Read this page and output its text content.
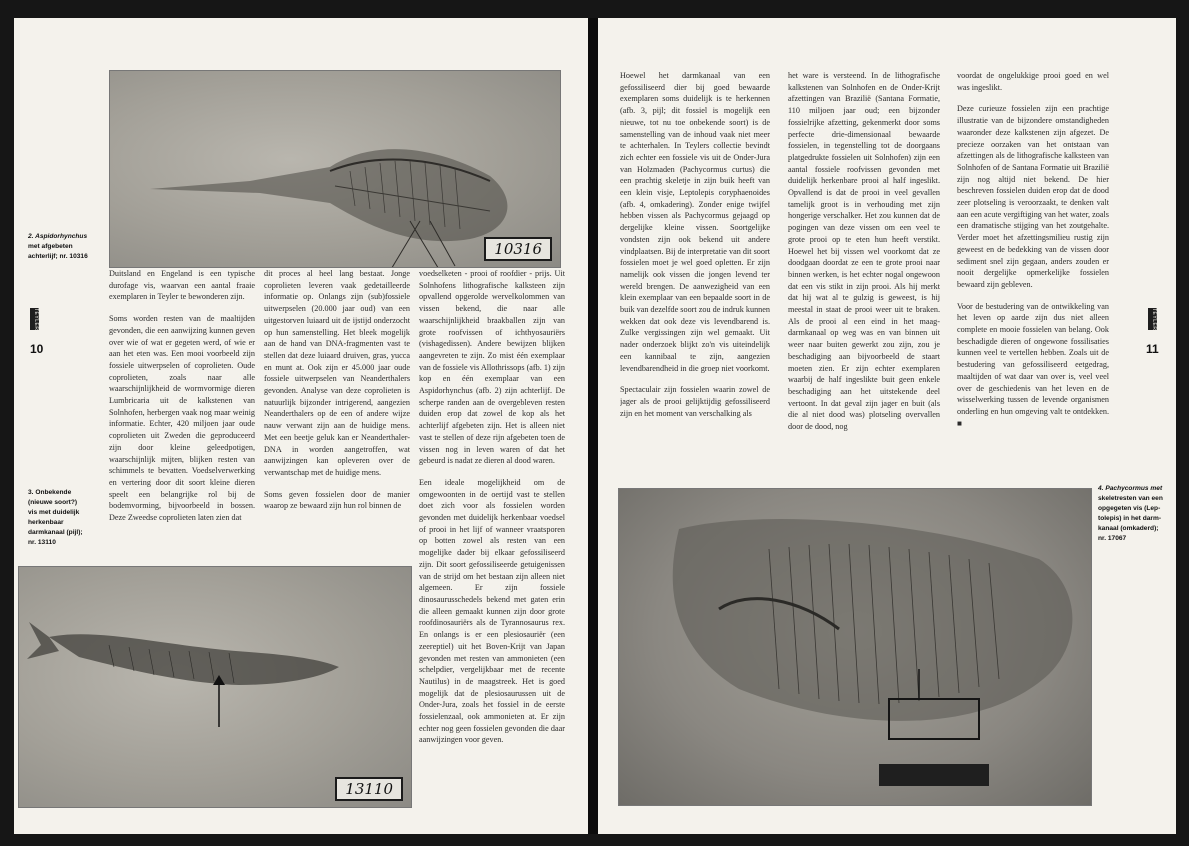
10316
2. Aspidorhynchus
met afgebeten
achterlijf; nr. 10316
TEYLERS
10
3. Onbekende
(nieuwe soort?)
vis met duidelijk
herkenbaar
darmkanaal (pijl);
nr. 13110

Duitsland en Engeland is een typische durofage vis, waarvan een aantal fraaie exemplaren in Teyler te bewonderen zijn.

Soms worden resten van de maaltijden gevonden, die een aanwijzing kunnen geven over wie of wat er gegeten werd, of wie er aan het eten was. Een mooi voorbeeld zijn fossiele uitwerpselen of coprolieten. Oude coprolieten, zoals naar alle waarschijnlijkheid de wormvormige dieren Lumbricaria uit de kalkstenen van Solnhofen, herbergen vaak nog maar weinig informatie. Echter, 420 miljoen jaar oude coprolieten uit Zweden die geproduceerd zijn door kleine geleedpotigen, waarschijnlijk mijten, blijken resten van schimmels te bevatten. Voedselverwerking en vertering door dit soort kleine dieren speelt een belangrijke rol bij de bodemvorming, bijvoorbeeld in bossen. Deze Zweedse coprolieten laten zien dat

dit proces al heel lang bestaat. Jonge coprolieten leveren vaak gedetailleerde informatie op. Onlangs zijn (sub)fossiele uitwerpselen (20.000 jaar oud) van een uitgestorven luiaard uit de ijstijd onderzocht op hun samenstelling. Het bleek mogelijk aan de hand van DNA-fragmenten vast te stellen dat deze luiaard druiven, gras, yucca en munt at. Ook zijn er 45.000 jaar oude fossiele uitwerpselen van Neanderthalers gevonden. Analyse van deze coprolieten is natuurlijk bijzonder intrigerend, aangezien Neanderthalers op de een of andere wijze nauw verwant zijn aan de huidige mens. Met een beetje geluk kan er Neanderthaler-DNA in worden aangetroffen, wat aanwijzingen kan opleveren over de verwantschap met de huidige mens.

Soms geven fossielen door de manier waarop ze bewaard zijn hun rol binnen de

voedselketen - prooi of roofdier - prijs. Uit Solnhofens lithografische kalksteen zijn opvallend opgerolde wervelkolommen van vissen bekend, die naar alle waarschijnlijkheid braakballen zijn van grote roofvissen of ichthyosauriërs (vishagedissen). Andere bewijzen blijken aangevreten te zijn. Zo mist één exemplaar van de fossiele vis Allothrissops (afb. 1) zijn kop en één exemplaar van een Aspidorhynchus (afb. 2) zijn achterlijf. De scherpe randen aan de overgebleven resten duiden erop dat zowel de kop als het achterlijf afgebeten zijn. Het is alleen niet vast te stellen of deze rijn afgebeten toen de vissen nog in leven waren of dat het gebeurd is nadat ze dieren al dood waren.

Een ideale mogelijkheid om de omgewoonten in de oertijd vast te stellen doet zich voor als fossielen worden gevonden met duidelijk herkenbaar voedsel of prooi in het lijf of wanneer vraatsporen op botten zowel als resten van een mogelijke dader bij elkaar gefossiliseerd zijn. Dit soort gefossiliseerde getuigenissen van de strijd om het bestaan zijn alleen niet algemeen. Er zijn fossiele dinosaurusschedels bekend met gaten erin die alleen gemaakt kunnen zijn door grote roofdinosauriërs als de Tyrannosaurus rex. En onlangs is er een plesiosauriër (een zeereptiel) uit het Boven-Krijt van Japan gevonden met resten van ammonieten (een schelpdier, vergelijkbaar met de recente Nautilus) in de maagstreek. Het is goed mogelijk dat de plesiosaurussen uit de Onder-Jura, zoals het fossiel in de eerste fossielenzaal, ook ammonieten at. Er zijn echter nog geen fossielen gevonden die daar aanwijzingen voor geven.

13110

Hoewel het darmkanaal van een gefossiliseerd dier bij goed bewaarde exemplaren soms duidelijk is te herkennen (afb. 3, pijl; dit fossiel is mogelijk een nieuwe, tot nu toe onbekende soort) is de samenstelling van de inhoud vaak niet meer te achterhalen. In Teylers collectie bevindt zich echter een fossiele vis uit de Onder-Jura van Holzmaden (Pachycormus curtus) die een prachtig skeletje in zijn buik heeft van een klein visje, Leptolepis coryphaenoides (afb. 4, omkadering). Zonder enige twijfel hebben vissen als Pachycormus gejaagd op dergelijke kleine vissen. Soortgelijke vondsten zijn ook bekend uit andere vindplaatsen. Bij de interpretatie van dit soort fossielen moet je wel goed opletten. Er zijn namelijk ook vissen die jongen levend ter wereld brengen. De aanwezigheid van een klein exemplaar van een bepaalde soort in de buik van dezelfde soort zou de indruk kunnen wekken dat ook deze vis levendbarend is. Zulke vergissingen zijn wel gemaakt. Uit nader onderzoek blijkt zo'n vis uiteindelijk een kannibaal te zijn, aangezien levendbarendheid in die groep niet voorkomt.

Spectaculair zijn fossielen waarin zowel de jager als de prooi gelijktijdig gefossiliseerd zijn en het moment van verschalking als

het ware is versteend. In de lithografische kalkstenen van Solnhofen en de Onder-Krijt afzettingen van Brazilië (Santana Formatie, 110 miljoen jaar oud; een bijzonder fossielrijke afzetting, gekenmerkt door soms perfecte drie-dimensionaal bewaarde fossielen, in tegenstelling tot de doorgaans platgedrukte fossielen uit Solnhofen) zijn een aantal fossiele roofvissen gevonden met duidelijk herkenbare prooi al half ingeslikt. Opvallend is dat de prooi in veel gevallen tamelijk groot is in verhouding met zijn hongerige verschalker. Het zou kunnen dat de pogingen van deze vissen om een veel te grote prooi op te eten hun heeft verstikt. Hoewel het bij vissen wel voorkomt dat ze doodgaan doordat ze een te grote prooi naar binnen werken, is het echter nogal ongewoon dat een vis stikt in zijn prooi. Als hij merkt dat hij wat al te gulzig is geweest, is hij meestal in staat de prooi weer uit te braken. Als de prooi al een eind in het maag-darmkanaal op weg was en van binnen uit weer naar buiten gewerkt zou zijn, zou je beschadiging aan bijvoorbeeld de staart moeten zien. Er zijn echter exemplaren waarbij de half ingeslikte buit geen enkele beschadiging aan het uitstekende deel vertoont. In dat geval zijn jager en buit (als die al niet dood was) plotseling overvallen door de dood, nog

voordat de ongelukkige prooi goed en wel was ingeslikt.

Deze curieuze fossielen zijn een prachtige illustratie van de bijzondere omstandigheden waaronder deze kalkstenen zijn afgezet. De precieze oorzaken van het ontstaan van afzettingen als de lithografische kalksteen van Solnhofen of de Santana Formatie uit Brazilië zijn nog altijd niet bekend. De hier beschreven fossielen duiden erop dat de dood zeer plotseling is veroorzaakt, te denken valt aan een acute vergiftiging van het water, zoals een dramatische stijging van het zoutgehalte. Verder moet het afzettingsmilieu rustig zijn geweest en de bedekking van de vissen door sediment snel zijn gegaan, anders zouden er nooit dergelijke opmerkelijke fossielen bewaard zijn gebleven.

Voor de bestudering van de ontwikkeling van het leven op aarde zijn dus niet alleen complete en mooie fossielen van belang. Ook beschadigde dieren of ongewone fossilisaties kunnen veel te vertellen hebben. Zoals uit de bestudering van gefossiliseerd eetgedrag, maaltijden of wat daar van over is, veel veel over de geschiedenis van het leven en de wisselwerking tussen de levende organismen onderling en hun omgeving valt te ontdekken. ■

TEYLERS
11
4. Pachycormus met
skeletresten van een
opgegeten vis (Lep-
tolepis) in het darm-
kanaal (omkaderd);
nr. 17067
